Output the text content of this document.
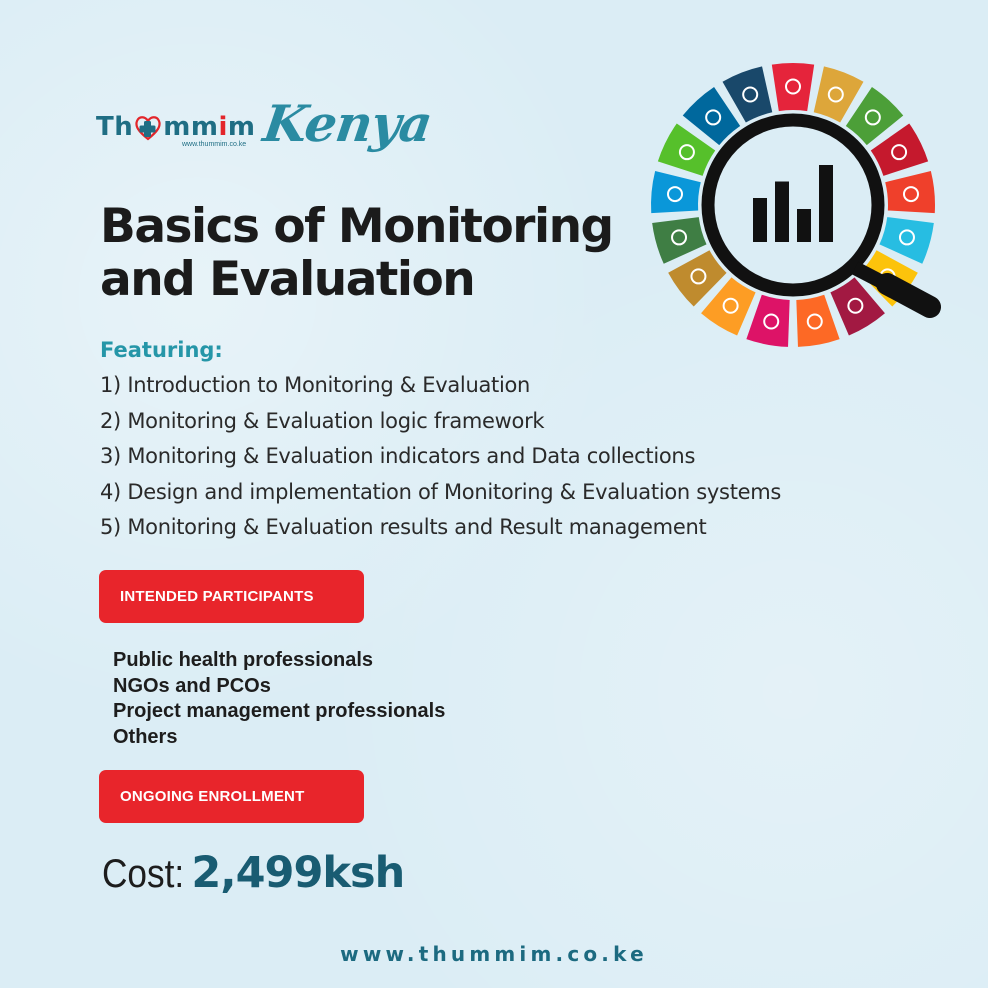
Th mm i m
www.thummim.co.ke Kenya
Basics of Monitoring
and Evaluation
Featuring:
1) Introduction to Monitoring & Evaluation
2) Monitoring & Evaluation logic framework
3) Monitoring & Evaluation indicators and Data collections
4) Design and implementation of Monitoring & Evaluation systems
5) Monitoring & Evaluation results and Result management
INTENDED PARTICIPANTS
Public health professionals
NGOs and PCOs
Project management professionals
Others
ONGOING ENROLLMENT
Cost: 2,499ksh
www.thummim.co.ke
